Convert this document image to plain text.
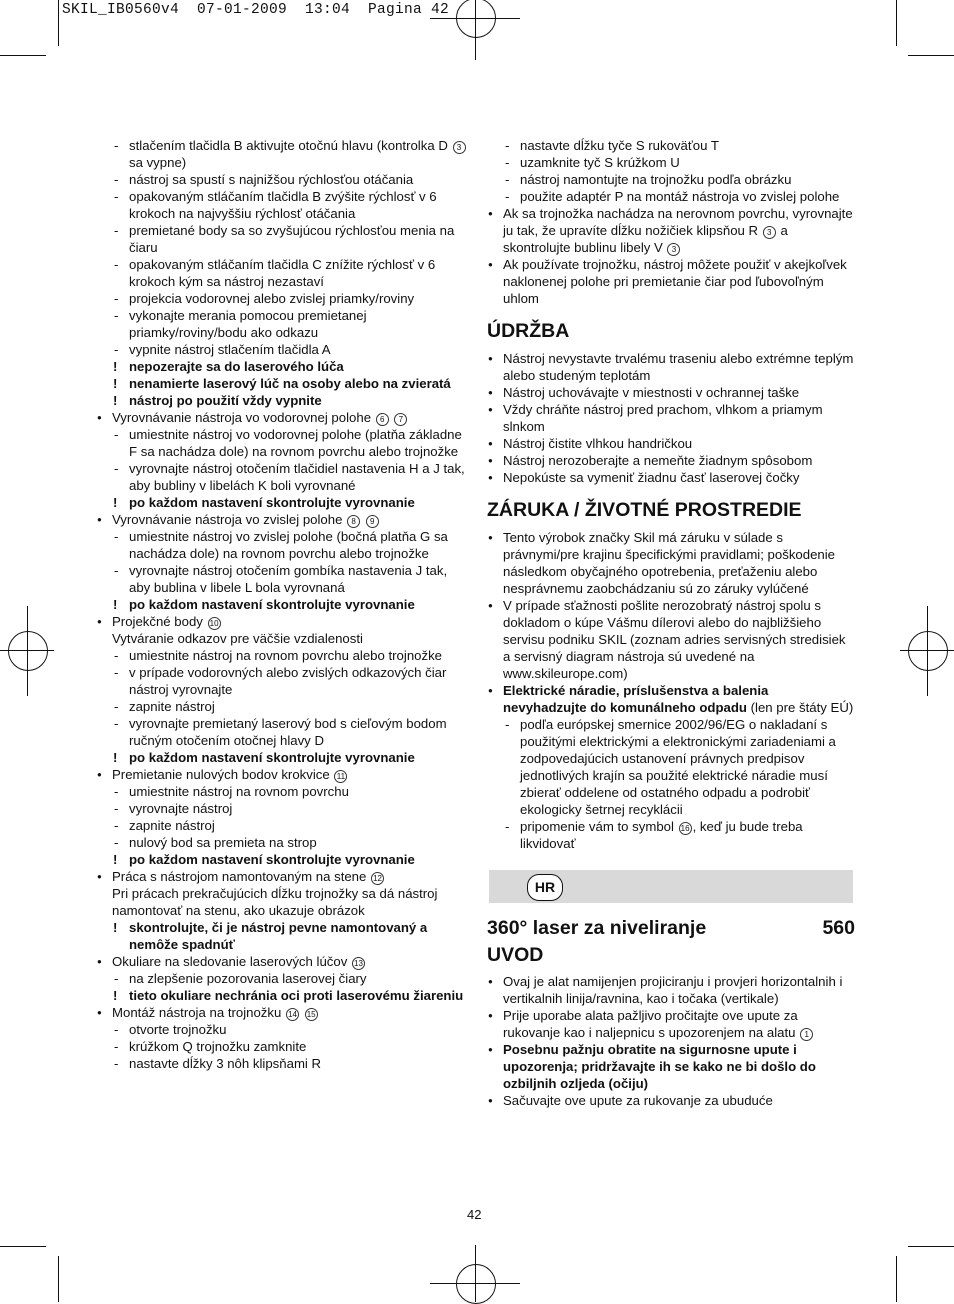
SKIL_IB0560v4  07-01-2009  13:04  Pagina 42
- stlačením tlačidla B aktivujte otočnú hlavu (kontrolka D 3 sa vypne)
- nástroj sa spustí s najnižšou rýchlosťou otáčania
- opakovaným stláčaním tlačidla B zvýšite rýchlosť v 6 krokoch na najvyššiu rýchlosť otáčania
- premietané body sa so zvyšujúcou rýchlosťou menia na čiaru
- opakovaným stláčaním tlačidla C znížite rýchlosť v 6 krokoch kým sa nástroj nezastaví
- projekcia vodorovnej alebo zvislej priamky/roviny
- vykonajte merania pomocou premietanej priamky/roviny/bodu ako odkazu
- vypnite nástroj stlačením tlačidla A
! nepozerajte sa do laserového lúča
! nenamierte laserový lúč na osoby alebo na zvieratá
! nástroj po použití vždy vypnite
● Vyrovnávanie nástroja vo vodorovnej polohe 6 7
- umiestnite nástroj vo vodorovnej polohe (platňa základne F sa nachádza dole) na rovnom povrchu alebo trojnožke
- vyrovnajte nástroj otočením tlačidiel nastavenia H a J tak, aby bubliny v libelách K boli vyrovnané
! po každom nastavení skontrolujte vyrovnanie
● Vyrovnávanie nástroja vo zvislej polohe 8 9
- umiestnite nástroj vo zvislej polohe (bočná platňa G sa nachádza dole) na rovnom povrchu alebo trojnožke
- vyrovnajte nástroj otočením gombíka nastavenia J tak, aby bublina v libele L bola vyrovnaná
! po každom nastavení skontrolujte vyrovnanie
● Projekčné body 10
Vytváranie odkazov pre väčšie vzdialenosti
- umiestnite nástroj na rovnom povrchu alebo trojnožke
- v prípade vodorovných alebo zvislých odkazových čiar nástroj vyrovnajte
- zapnite nástroj
- vyrovnajte premietaný laserový bod s cieľovým bodom ručným otočením otočnej hlavy D
! po každom nastavení skontrolujte vyrovnanie
● Premietanie nulových bodov krokvice 11
- umiestnite nástroj na rovnom povrchu
- vyrovnajte nástroj
- zapnite nástroj
- nulový bod sa premieta na strop
! po každom nastavení skontrolujte vyrovnanie
● Práca s nástrojom namontovaným na stene 12
Pri prácach prekračujúcich dĺžku trojnožky sa dá nástroj namontovať na stenu, ako ukazuje obrázok
! skontrolujte, či je nástroj pevne namontovaný a nemôže spadnúť
● Okuliare na sledovanie laserových lúčov 13
- na zlepšenie pozorovania laserovej čiary
! tieto okuliare nechránia oci proti laserovému žiareniu
● Montáž nástroja na trojnožku 14 15
- otvorte trojnožku
- krúžkom Q trojnožku zamknite
- nastavte dĺžky 3 nôh klipsňami R
- nastavte dĺžku tyče S rukoväťou T
- uzamknite tyč S krúžkom U
- nástroj namontujte na trojnožku podľa obrázku
- použite adaptér P na montáž nástroja vo zvislej polohe
● Ak sa trojnožka nachádza na nerovnom povrchu, vyrovnajte ju tak, že upravíte dĺžku nožičiek klipsňou R 3 a skontrolujte bublinu libely V 3
● Ak používate trojnožku, nástroj môžete použiť v akejkoľvek naklonenej polohe pri premietanie čiar pod ľubovoľným uhlom
ÚDRŽBA
● Nástroj nevystavte trvalému traseniu alebo extrémne teplým alebo studeným teplotám
● Nástroj uchovávajte v miestnosti v ochrannej taške
● Vždy chráňte nástroj pred prachom, vlhkom a priamym slnkom
● Nástroj čistite vlhkou handričkou
● Nástroj nerozoberajte a nemeňte žiadnym spôsobom
● Nepokúste sa vymeniť žiadnu časť laserovej čočky
ZÁRUKA / ŽIVOTNÉ PROSTREDIE
● Tento výrobok značky Skil má záruku v súlade s právnymi/pre krajinu špecifickými pravidlami; poškodenie následkom obyčajného opotrebenia, preťaženiu alebo nesprávnemu zaobchádzaniu sú zo záruky vylúčené
● V prípade sťažnosti pošlite nerozobratý nástroj spolu s dokladom o kúpe Vášmu dílerovi alebo do najbližšieho servisu podniku SKIL (zoznam adries servisných stredisiek a servisný diagram nástroja sú uvedené na www.skileurope.com)
● Elektrické náradie, príslušenstva a balenia nevyhadzujte do komunálneho odpadu (len pre štáty EÚ)
- podľa európskej smernice 2002/96/EG o nakladaní s použitými elektrickými a elektronickými zariadeniami a zodpovedajúcich ustanovení právnych predpisov jednotlivých krajín sa použité elektrické náradie musí zbierať oddelene od ostatného odpadu a podrobiť ekologicky šetrnej recyklácii
- pripomenie vám to symbol 16 , keď ju bude treba likvidovať
HR
360° laser za niveliranje	560
UVOD
● Ovaj je alat namijenjen projiciranju i provjeri horizontalnih i vertikalnih linija/ravnina, kao i točaka (vertikale)
● Prije uporabe alata pažljivo pročitajte ove upute za rukovanje kao i naljepnicu s upozorenjem na alatu 1
● Posebnu pažnju obratite na sigurnosne upute i upozorenja; pridržavajte ih se kako ne bi došlo do ozbiljnih ozljeda (očiju)
● Sačuvajte ove upute za rukovanje za ubuduće
42
